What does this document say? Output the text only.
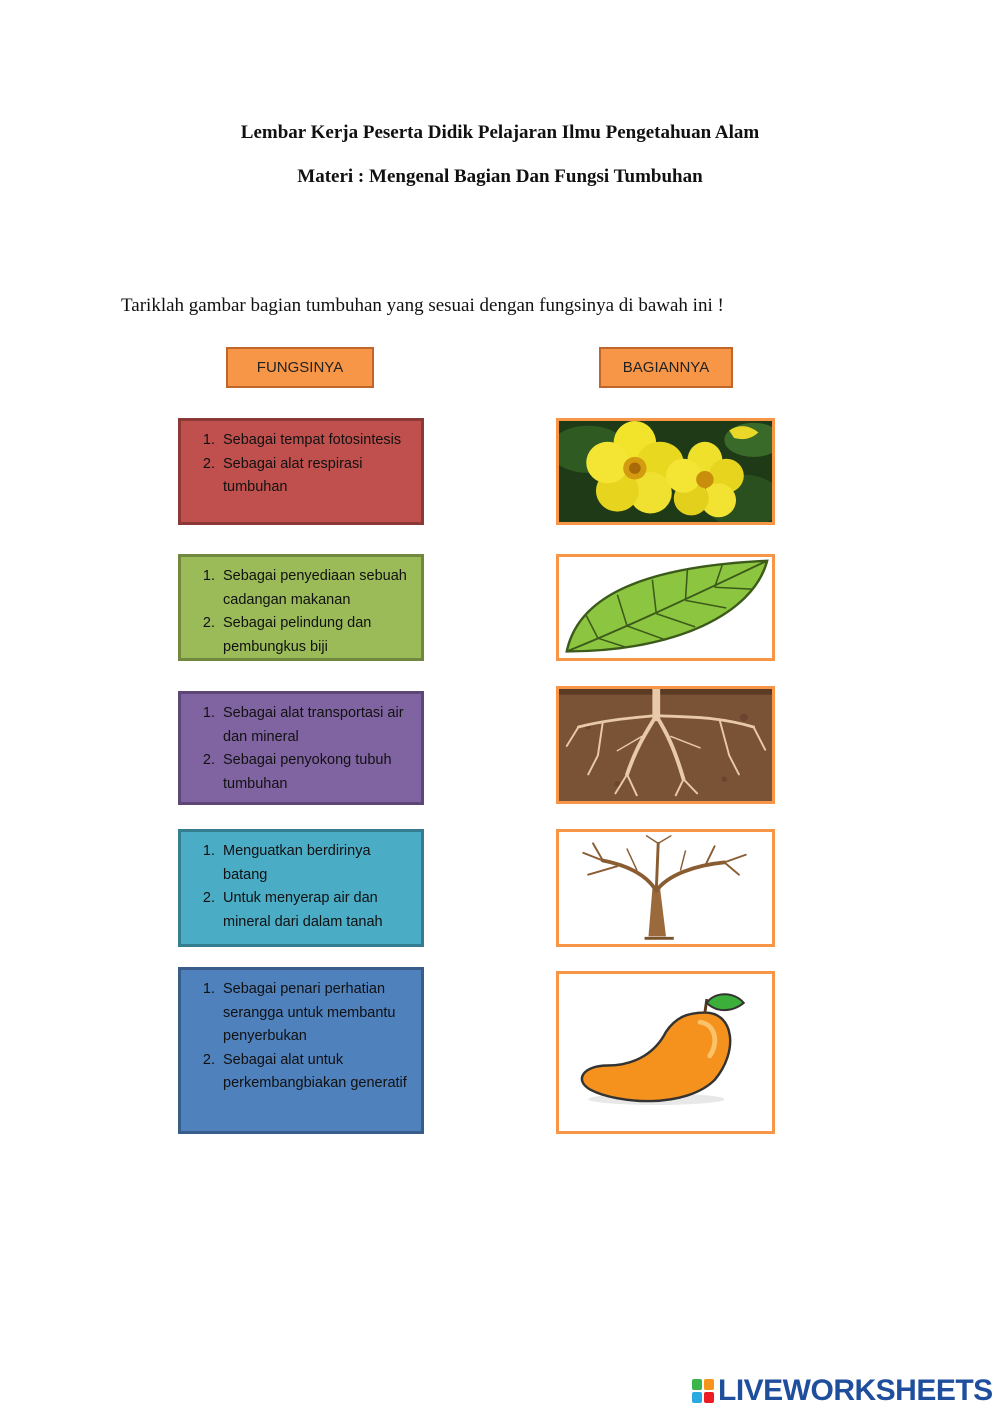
Lembar Kerja Peserta Didik Pelajaran Ilmu Pengetahuan Alam
Materi : Mengenal Bagian Dan Fungsi Tumbuhan
Tariklah gambar bagian tumbuhan yang sesuai dengan fungsinya di bawah ini !
FUNGSINYA	BAGIANNYA
1. Sebagai tempat fotosintesis
2. Sebagai alat respirasi tumbuhan
1. Sebagai penyediaan sebuah cadangan makanan
2. Sebagai pelindung dan pembungkus biji
1. Sebagai alat transportasi air dan mineral
2. Sebagai penyokong tubuh tumbuhan
1. Menguatkan berdirinya batang
2. Untuk menyerap air dan mineral dari dalam tanah
1. Sebagai penari perhatian serangga untuk membantu penyerbukan
2. Sebagai alat untuk perkembangbiakan generatif
LIVEWORKSHEETS
